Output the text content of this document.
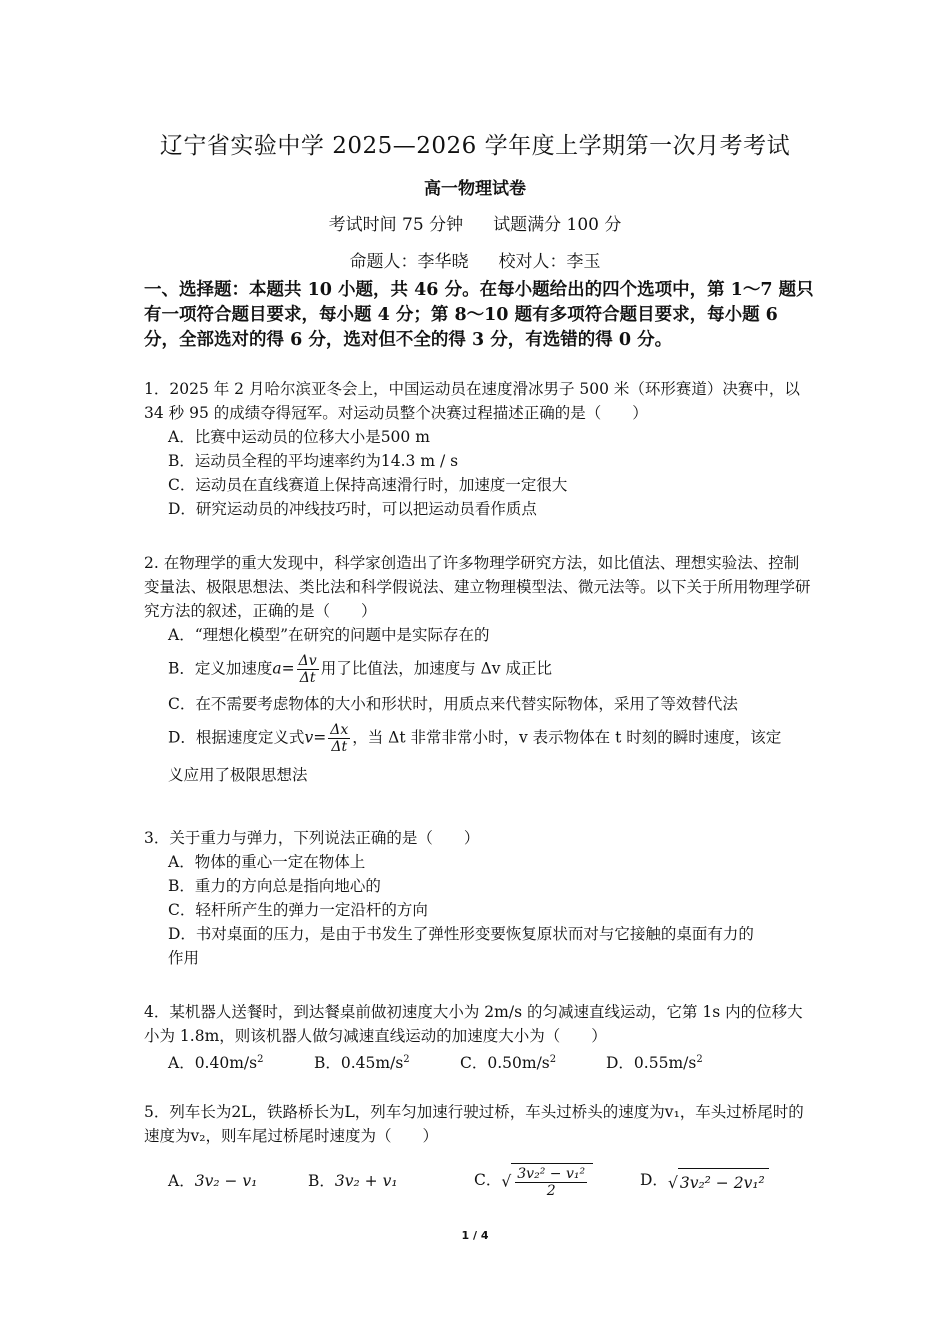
辽宁省实验中学 2025—2026 学年度上学期第一次月考考试
高一物理试卷
考试时间 75 分钟 试题满分 100 分
命题人：李华晓 校对人：李玉
一、选择题：本题共 10 小题，共 46 分。在每小题给出的四个选项中，第 1～7 题只有一项符合题目要求，每小题 4 分；第 8～10 题有多项符合题目要求，每小题 6 分，全部选对的得 6 分，选对但不全的得 3 分，有选错的得 0 分。
1．2025 年 2 月哈尔滨亚冬会上，中国运动员在速度滑冰男子 500 米（环形赛道）决赛中，以 34 秒 95 的成绩夺得冠军。对运动员整个决赛过程描述正确的是（　　）
A．比赛中运动员的位移大小是500 m
B．运动员全程的平均速率约为14.3 m / s
C．运动员在直线赛道上保持高速滑行时，加速度一定很大
D．研究运动员的冲线技巧时，可以把运动员看作质点
2. 在物理学的重大发现中，科学家创造出了许多物理学研究方法，如比值法、理想实验法、控制变量法、极限思想法、类比法和科学假说法、建立物理模型法、微元法等。以下关于所用物理学研究方法的叙述，正确的是（　　）
A．“理想化模型”在研究的问题中是实际存在的
B．定义加速度$a= \frac{\Delta v}{\Delta t}$ 用了比值法，加速度与 Δv 成正比
C．在不需要考虑物体的大小和形状时，用质点来代替实际物体，采用了等效替代法
D．根据速度定义式$v= \frac{\Delta x}{\Delta t}$ ，当 Δt 非常非常小时，v 表示物体在 t 时刻的瞬时速度，该定
义应用了极限思想法
3．关于重力与弹力，下列说法正确的是（　　）
A．物体的重心一定在物体上
B．重力的方向总是指向地心的
C．轻杆所产生的弹力一定沿杆的方向
D．书对桌面的压力，是由于书发生了弹性形变要恢复原状而对与它接触的桌面有力的
作用
4．某机器人送餐时，到达餐桌前做初速度大小为 2m/s 的匀减速直线运动，它第 1s 内的位移大小为 1.8m，则该机器人做匀减速直线运动的加速度大小为（　　）
A．$0.40m/s^2$	B．$0.45m/s^2$	C．$0.50m/s^2$	D．$0.55m/s^2$
5．列车长为2L，铁路桥长为L，列车匀加速行驶过桥，车头过桥头的速度为v₁，车头过桥尾时的速度为v₂，则车尾过桥尾时速度为（　　）
A．3v₂ − v₁	B．3v₂ + v₁	C．√ $\frac{\text{3v₂² − v₁²}}{2}$	D．√ 3v₂² − 2v₁²
1 / 4
